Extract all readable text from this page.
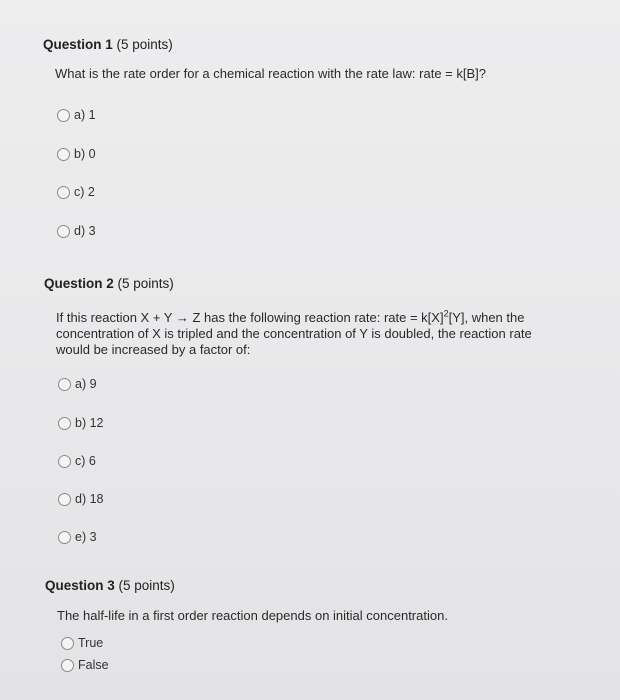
Question 1 (5 points)
What is the rate order for a chemical reaction with the rate law: rate = k[B]?
a) 1
b) 0
c) 2
d) 3
Question 2 (5 points)
If this reaction X + Y → Z has the following reaction rate: rate = $k[X]^2[Y]$, when the
concentration of X is tripled and the concentration of Y is doubled, the reaction rate
would be increased by a factor of:
a) 9
b) 12
c) 6
d) 18
e) 3
Question 3 (5 points)
The half-life in a first order reaction depends on initial concentration.
True
False
